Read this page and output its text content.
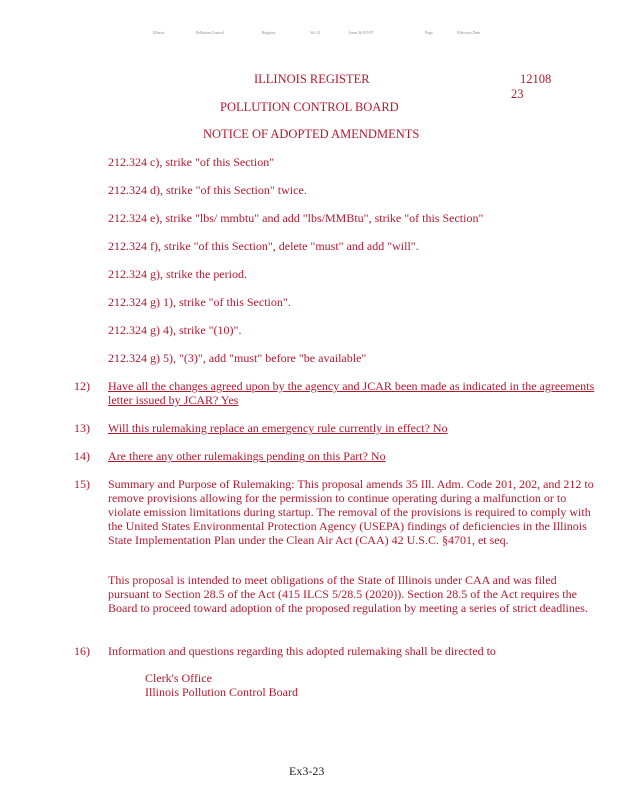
Illinois	Pollution Control	Register	Vol 21	Issue 36 9/5/97	Page	Effective Date
ILLINOIS REGISTER	12108
23
POLLUTION CONTROL BOARD
NOTICE OF ADOPTED AMENDMENTS
212.324 c), strike "of this Section"
212.324 d), strike "of this Section" twice.
212.324 e), strike "lbs/ mmbtu" and add "lbs/MMBtu", strike "of this Section"
212.324 f), strike "of this Section", delete "must" and add "will".
212.324 g), strike the period.
212.324 g) 1), strike "of this Section".
212.324 g) 4), strike "(10)".
212.324 g) 5), "(3)", add "must" before "be available"
12) Have all the changes agreed upon by the agency and JCAR been made as indicated in the agreements letter issued by JCAR? Yes
13) Will this rulemaking replace an emergency rule currently in effect? No
14) Are there any other rulemakings pending on this Part? No
15) Summary and Purpose of Rulemaking: This proposal amends 35 Ill. Adm. Code 201, 202, and 212 to remove provisions allowing for the permission to continue operating during a malfunction or to violate emission limitations during startup. The removal of the provisions is required to comply with the United States Environmental Protection Agency (USEPA) findings of deficiencies in the Illinois State Implementation Plan under the Clean Air Act (CAA) 42 U.S.C. §4701, et seq.
This proposal is intended to meet obligations of the State of Illinois under CAA and was filed pursuant to Section 28.5 of the Act (415 ILCS 5/28.5 (2020)). Section 28.5 of the Act requires the Board to proceed toward adoption of the proposed regulation by meeting a series of strict deadlines.
16) Information and questions regarding this adopted rulemaking shall be directed to
Clerk's Office
Illinois Pollution Control Board
Ex3-23
